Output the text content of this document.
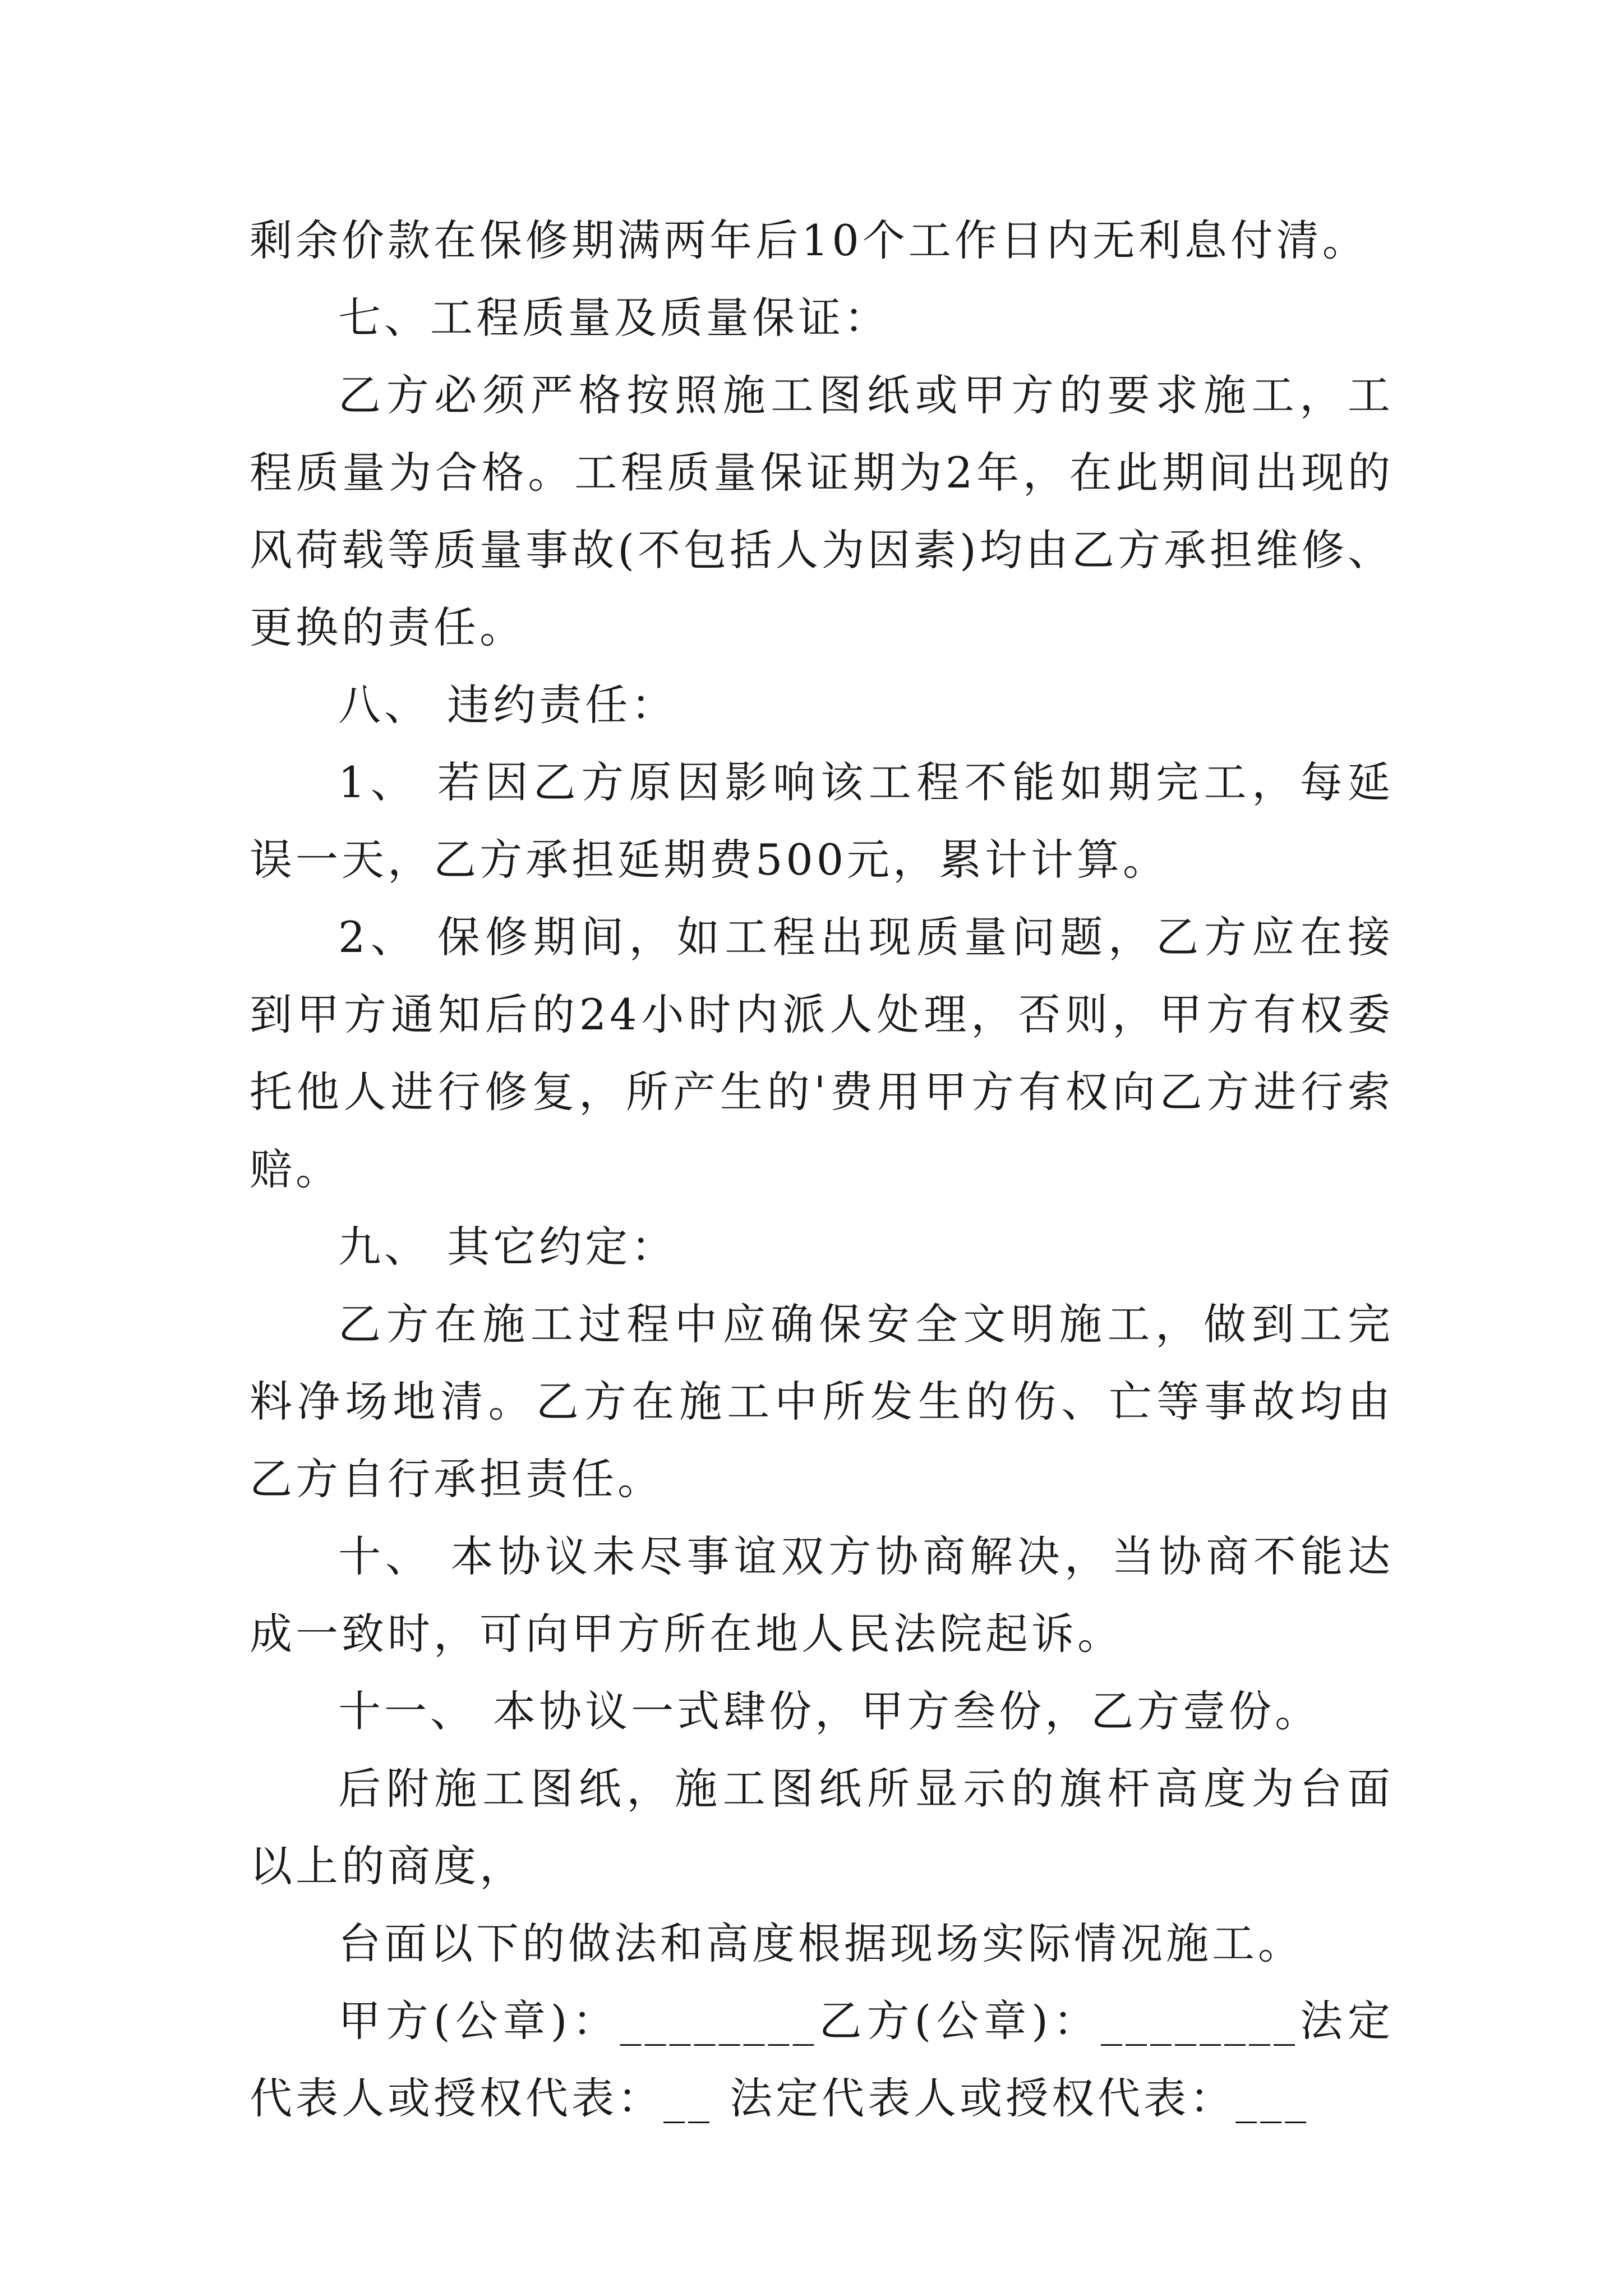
剩余价款在保修期满两年后10个工作日内无利息付清。

七、工程质量及质量保证：

乙方必须严格按照施工图纸或甲方的要求施工，工程质量为合格。工程质量保证期为2年，在此期间出现的风荷载等质量事故(不包括人为因素)均由乙方承担维修、更换的责任。

八、 违约责任：

1、 若因乙方原因影响该工程不能如期完工，每延误一天，乙方承担延期费500元，累计计算。

2、 保修期间，如工程出现质量问题，乙方应在接到甲方通知后的24小时内派人处理，否则，甲方有权委托他人进行修复，所产生的'费用甲方有权向乙方进行索赔。

九、 其它约定：

乙方在施工过程中应确保安全文明施工，做到工完料净场地清。乙方在施工中所发生的伤、亡等事故均由乙方自行承担责任。

十、 本协议未尽事谊双方协商解决，当协商不能达成一致时，可向甲方所在地人民法院起诉。

十一、 本协议一式肆份，甲方叁份，乙方壹份。

后附施工图纸，施工图纸所显示的旗杆高度为台面以上的商度，

台面以下的做法和高度根据现场实际情况施工。

甲方(公章)：________乙方(公章)：________法定代表人或授权代表：__ 法定代表人或授权代表：___
